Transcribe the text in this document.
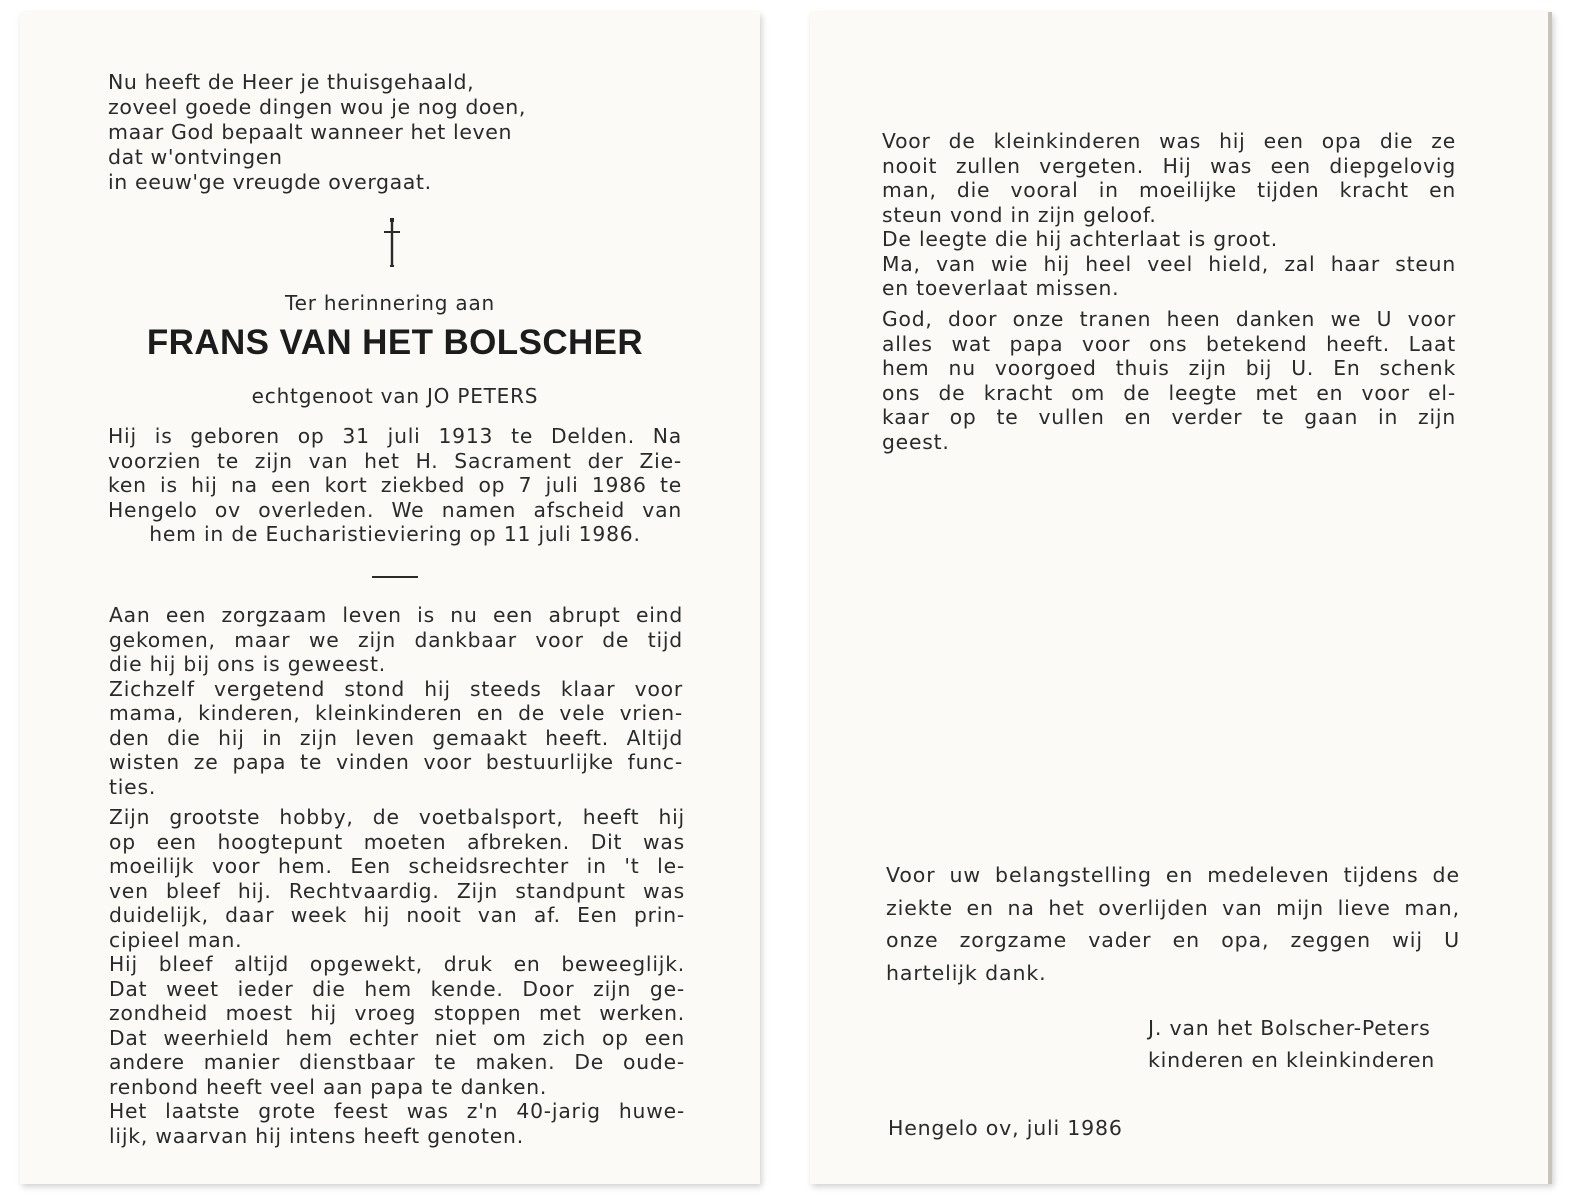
Nu heeft de Heer je thuisgehaald,
zoveel goede dingen wou je nog doen,
maar God bepaalt wanneer het leven
dat w'ontvingen
in eeuw'ge vreugde overgaat.
Ter herinnering aan
FRANS VAN HET BOLSCHER
echtgenoot van JO PETERS
Hij is geboren op 31 juli 1913 te Delden. Na
voorzien te zijn van het H. Sacrament der Zie-
ken is hij na een kort ziekbed op 7 juli 1986 te
Hengelo ov overleden. We namen afscheid van
hem in de Eucharistieviering op 11 juli 1986.
Aan een zorgzaam leven is nu een abrupt eind
gekomen, maar we zijn dankbaar voor de tijd
die hij bij ons is geweest.
Zichzelf vergetend stond hij steeds klaar voor
mama, kinderen, kleinkinderen en de vele vrien-
den die hij in zijn leven gemaakt heeft. Altijd
wisten ze papa te vinden voor bestuurlijke func-
ties.
Zijn grootste hobby, de voetbalsport, heeft hij
op een hoogtepunt moeten afbreken. Dit was
moeilijk voor hem. Een scheidsrechter in 't le-
ven bleef hij. Rechtvaardig. Zijn standpunt was
duidelijk, daar week hij nooit van af. Een prin-
cipieel man.
Hij bleef altijd opgewekt, druk en beweeglijk.
Dat weet ieder die hem kende. Door zijn ge-
zondheid moest hij vroeg stoppen met werken.
Dat weerhield hem echter niet om zich op een
andere manier dienstbaar te maken. De oude-
renbond heeft veel aan papa te danken.
Het laatste grote feest was z'n 40-jarig huwe-
lijk, waarvan hij intens heeft genoten.
Voor de kleinkinderen was hij een opa die ze
nooit zullen vergeten. Hij was een diepgelovig
man, die vooral in moeilijke tijden kracht en
steun vond in zijn geloof.
De leegte die hij achterlaat is groot.
Ma, van wie hij heel veel hield, zal haar steun
en toeverlaat missen.
God, door onze tranen heen danken we U voor
alles wat papa voor ons betekend heeft. Laat
hem nu voorgoed thuis zijn bij U. En schenk
ons de kracht om de leegte met en voor el-
kaar op te vullen en verder te gaan in zijn
geest.
Voor uw belangstelling en medeleven tijdens de
ziekte en na het overlijden van mijn lieve man,
onze zorgzame vader en opa, zeggen wij U
hartelijk dank.
J. van het Bolscher-Peters
kinderen en kleinkinderen
Hengelo ov, juli 1986
